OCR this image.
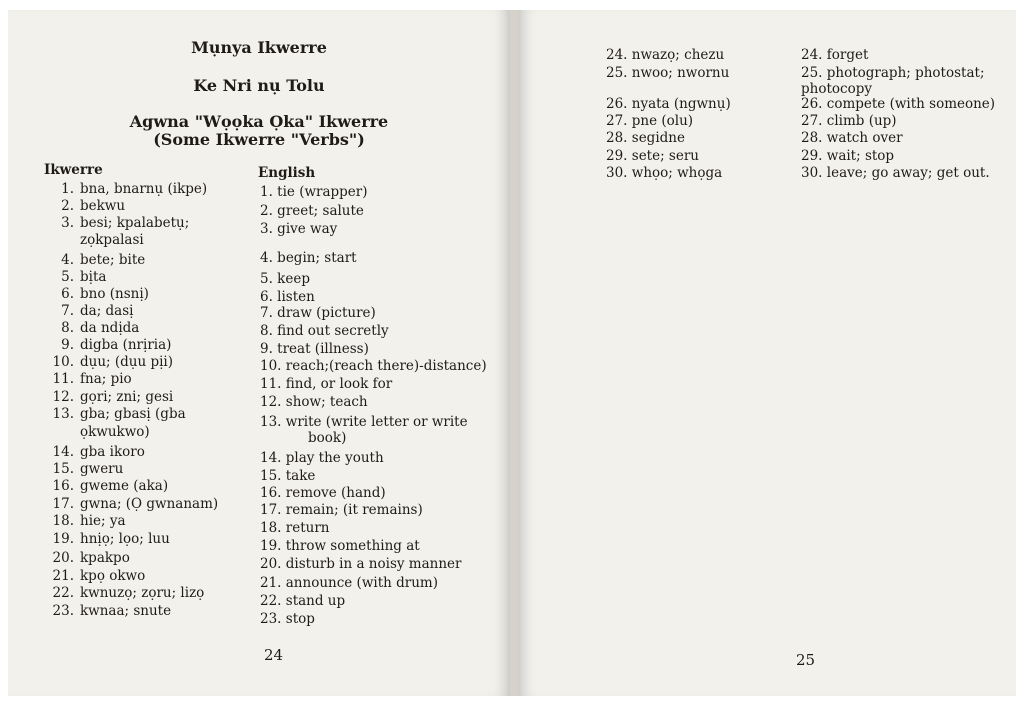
Mụnya Ikwerre
Ke Nri nụ Tolu
Agwna "Wọọka Ọka" Ikwerre
(Some Ikwerre "Verbs")
Ikwerre	English
1. bna, bnarnụ (ikpe)
2. bekwu
3. besi; kpalabetụ;
zọkpalasi
4. bete; bite
5. bịta
6. bno (nsnị)
7. da; dasị
8. da ndịda
9. digba (nrịria)
10. dụu; (dụu pịi)
11. fna; pio
12. gọri; zni; gesi
13. gba; gbasị (gba
ọkwukwo)
14. gba ikoro
15. gweru
16. gweme (aka)
17. gwna; (Ọ gwnanam)
18. hie; ya
19. hnịọ; lọo; luu
20. kpakpo
21. kpọ okwo
22. kwnuzọ; zọru; lizọ
23. kwnaa; snute
1. tie (wrapper)
2. greet; salute
3. give way
4. begin; start
5. keep
6. listen
7. draw (picture)
8. find out secretly
9. treat (illness)
10. reach;(reach there)-distance)
11. find, or look for
12. show; teach
13. write (write letter or write
book)
14. play the youth
15. take
16. remove (hand)
17. remain; (it remains)
18. return
19. throw something at
20. disturb in a noisy manner
21. announce (with drum)
22. stand up
23. stop
24
24. nwazọ; chezu
25. nwoo; nwornu
26. nyata (ngwnụ)
27. pne (olu)
28. segidne
29. sete; seru
30. whọo; whọga
24. forget
25. photograph; photostat;
photocopy
26. compete (with someone)
27. climb (up)
28. watch over
29. wait; stop
30. leave; go away; get out.
25
